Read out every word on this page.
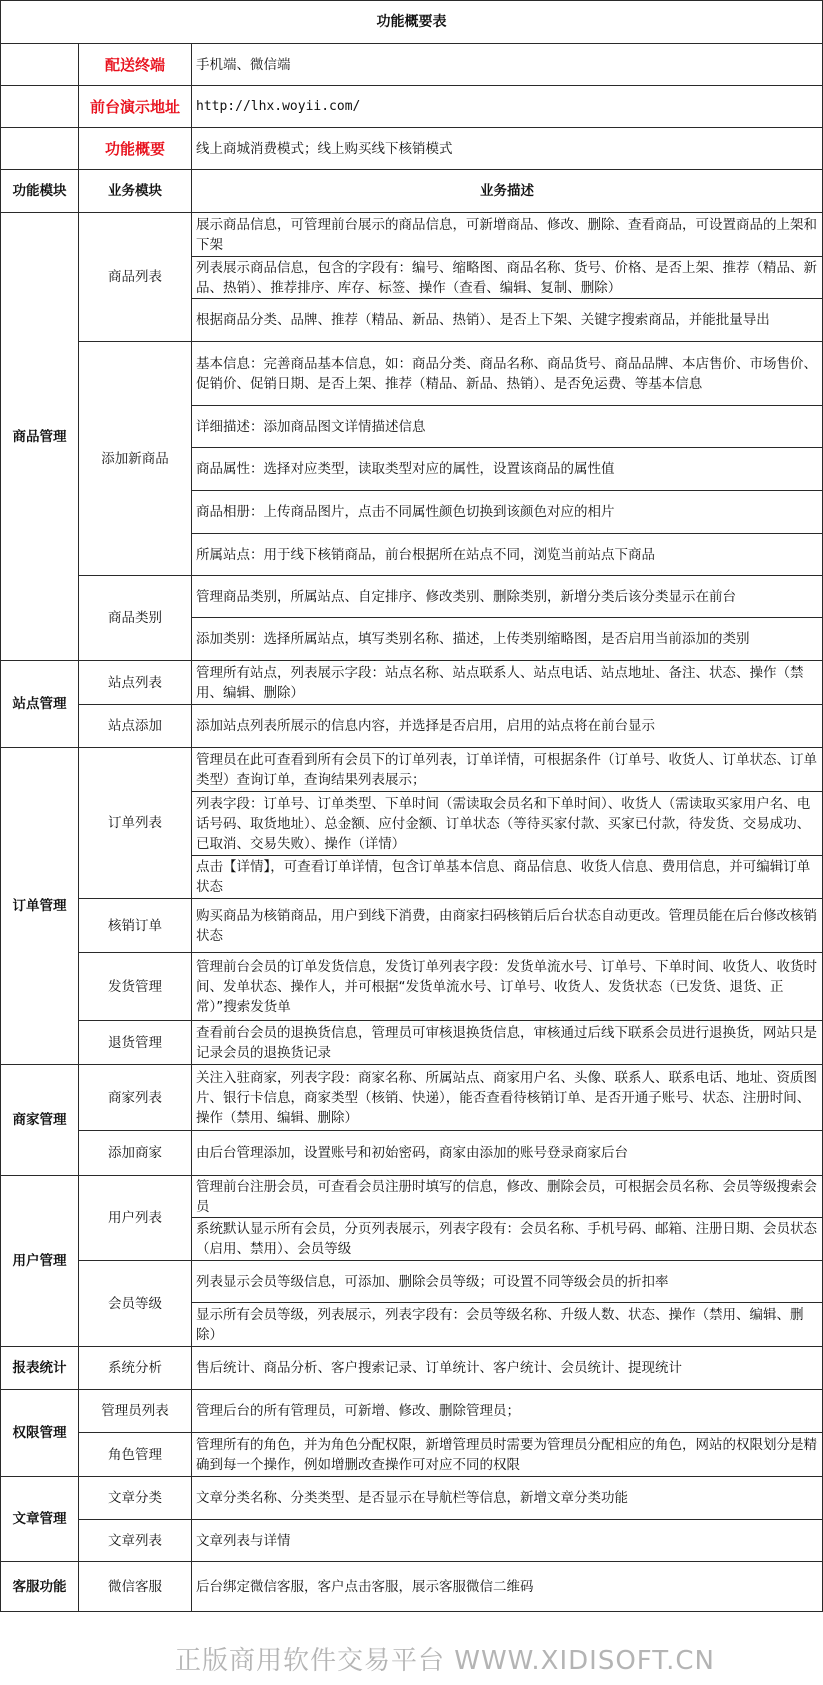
功能概要表		
	配送终端	手机端、微信端
	前台演示地址	http://lhx.woyii.com/
	功能概要	线上商城消费模式；线上购买线下核销模式
功能模块	业务模块	业务描述
商品管理	商品列表	展示商品信息，可管理前台展示的商品信息，可新增商品、修改、删除、查看商品，可设置商品的上架和下架
		列表展示商品信息，包含的字段有：编号、缩略图、商品名称、货号、价格、是否上架、推荐（精品、新品、热销）、推荐排序、库存、标签、操作（查看、编辑、复制、删除）
		根据商品分类、品牌、推荐（精品、新品、热销）、是否上下架、关键字搜索商品，并能批量导出
	添加新商品	基本信息：完善商品基本信息，如：商品分类、商品名称、商品货号、商品品牌、本店售价、市场售价、促销价、促销日期、是否上架、推荐（精品、新品、热销）、是否免运费、等基本信息
		详细描述：添加商品图文详情描述信息
		商品属性：选择对应类型，读取类型对应的属性，设置该商品的属性值
		商品相册：上传商品图片，点击不同属性颜色切换到该颜色对应的相片
		所属站点：用于线下核销商品，前台根据所在站点不同，浏览当前站点下商品
	商品类别	管理商品类别，所属站点、自定排序、修改类别、删除类别，新增分类后该分类显示在前台
		添加类别：选择所属站点，填写类别名称、描述，上传类别缩略图，是否启用当前添加的类别
站点管理	站点列表	管理所有站点，列表展示字段：站点名称、站点联系人、站点电话、站点地址、备注、状态、操作（禁用、编辑、删除）
	站点添加	添加站点列表所展示的信息内容，并选择是否启用，启用的站点将在前台显示
订单管理	订单列表	管理员在此可查看到所有会员下的订单列表，订单详情，可根据条件（订单号、收货人、订单状态、订单类型）查询订单，查询结果列表展示；
		列表字段：订单号、订单类型、下单时间（需读取会员名和下单时间）、收货人（需读取买家用户名、电话号码、取货地址）、总金额、应付金额、订单状态（等待买家付款、买家已付款，待发货、交易成功、已取消、交易失败）、操作（详情）
		点击【详情】，可查看订单详情，包含订单基本信息、商品信息、收货人信息、费用信息，并可编辑订单状态
	核销订单	购买商品为核销商品，用户到线下消费，由商家扫码核销后后台状态自动更改。管理员能在后台修改核销状态
	发货管理	管理前台会员的订单发货信息，发货订单列表字段：发货单流水号、订单号、下单时间、收货人、收货时间、发单状态、操作人，并可根据“发货单流水号、订单号、收货人、发货状态（已发货、退货、正常）”搜索发货单
	退货管理	查看前台会员的退换货信息，管理员可审核退换货信息，审核通过后线下联系会员进行退换货，网站只是记录会员的退换货记录
商家管理	商家列表	关注入驻商家，列表字段：商家名称、所属站点、商家用户名、头像、联系人、联系电话、地址、资质图片、银行卡信息，商家类型（核销、快递），能否查看待核销订单、是否开通子账号、状态、注册时间、操作（禁用、编辑、删除）
	添加商家	由后台管理添加，设置账号和初始密码，商家由添加的账号登录商家后台
用户管理	用户列表	管理前台注册会员，可查看会员注册时填写的信息，修改、删除会员，可根据会员名称、会员等级搜索会员
		系统默认显示所有会员，分页列表展示，列表字段有：会员名称、手机号码、邮箱、注册日期、会员状态（启用、禁用）、会员等级
	会员等级	列表显示会员等级信息，可添加、删除会员等级；可设置不同等级会员的折扣率
		显示所有会员等级，列表展示，列表字段有：会员等级名称、升级人数、状态、操作（禁用、编辑、删除）
报表统计	系统分析	售后统计、商品分析、客户搜索记录、订单统计、客户统计、会员统计、提现统计
权限管理	管理员列表	管理后台的所有管理员，可新增、修改、删除管理员；
	角色管理	管理所有的角色，并为角色分配权限，新增管理员时需要为管理员分配相应的角色，网站的权限划分是精确到每一个操作，例如增删改查操作可对应不同的权限
文章管理	文章分类	文章分类名称、分类类型、是否显示在导航栏等信息，新增文章分类功能
	文章列表	文章列表与详情
客服功能	微信客服	后台绑定微信客服，客户点击客服，展示客服微信二维码
正版商用软件交易平台 WWW.XIDISOFT.CN
